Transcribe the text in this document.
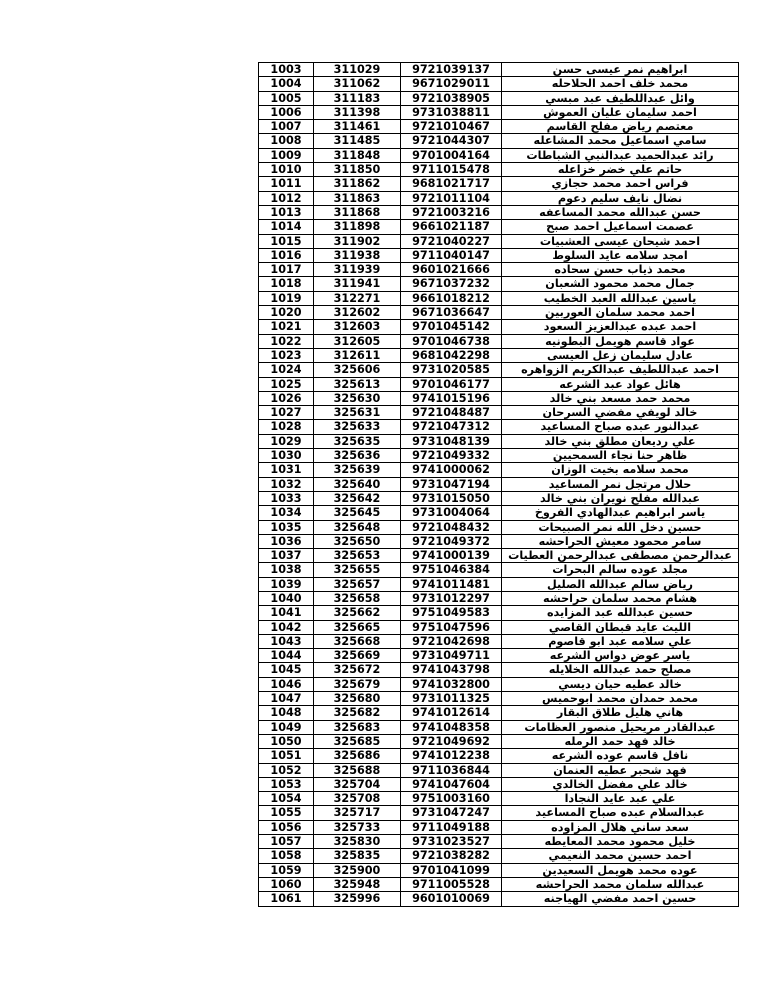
ابراهيم نمر عيسى حسن	9721039137	311029	1003
محمد خلف احمد الحلاحله	9671029011	311062	1004
وائل عبداللطيف عبد مبسي	9721038905	311183	1005
احمد سليمان عليان العموش	9731038811	311398	1006
معتصم رياض مفلح القاسم	9721010467	311461	1007
سامي اسماعيل محمد المشاعله	9721044307	311485	1008
رائد عبدالحميد عبدالنبي الشباطات	9701004164	311848	1009
حاتم علي خضر خزاعله	9711015478	311850	1010
فراس احمد محمد حجازي	9681021717	311862	1011
نضال نايف سليم دعوم	9721011104	311863	1012
حسن عبدالله محمد المساعفه	9721003216	311868	1013
عصمت اسماعيل احمد صبح	9661021187	311898	1014
احمد شيحان عيسى العشبيات	9721040227	311902	1015
امجد سلامه عايد السلوط	9711040147	311938	1016
محمد ذياب حسن سحاده	9601021666	311939	1017
جمال محمد محمود الشعبان	9671037232	311941	1018
ياسين عبدالله العبد الخطيب	9661018212	312271	1019
احمد محمد سلمان العوربين	9671036647	312602	1020
احمد عبده عبدالعزيز السعود	9701045142	312603	1021
عواد قاسم هويمل البطونيه	9701046738	312605	1022
عادل سليمان زعل العيسى	9681042298	312611	1023
احمد عبداللطيف عبدالكريم الزواهره	9731020585	325606	1024
هائل عواد عبد الشرعه	9701046177	325613	1025
محمد حمد مسعد بني خالد	9741015196	325630	1026
خالد لويفي مفضي السرحان	9721048487	325631	1027
عبدالنور عبده صباح المساعيد	9721047312	325633	1028
علي رديعان مطلق بني خالد	9731048139	325635	1029
ظاهر حنا نجاء السمحيين	9721049332	325636	1030
محمد سلامه بخيت الوزان	9741000062	325639	1031
حلال مرتجل نمر المساعيد	9731047194	325640	1032
عبدالله مفلح نويران بني خالد	9731015050	325642	1033
ياسر ابراهيم عبدالهادي الفروخ	9731004064	325645	1034
حسين دخل الله نمر الصبيحات	9721048432	325648	1035
سامر محمود معيش الحراحشه	9721049372	325650	1036
عبدالرحمن مصطفى عبدالرحمن العطيات	9741000139	325653	1037
مجلد عوده سالم البحرات	9751046384	325655	1038
رياض سالم عبدالله الصليل	9741011481	325657	1039
هشام محمد سلمان حراحشه	9731012297	325658	1040
حسين عبدالله عبد المزايده	9751049583	325662	1041
الليث عايد قبطان القاصي	9751047596	325665	1042
علي سلامه عبد ابو قاصوم	9721042698	325668	1043
ياسر عوض دواس الشرعه	9731049711	325669	1044
مصلح حمد عبدالله الخلايله	9741043798	325672	1045
خالد عطيه حيان ديسي	9741032800	325679	1046
محمد حمدان محمد ابوحميس	9731011325	325680	1047
هاني هليل طلاق البقار	9741012614	325682	1048
عبدالقادر مريحيل منصور العظامات	9741048358	325683	1049
خالد فهد حمد الرمله	9721049692	325685	1050
نافل قاسم عوده الشرعه	9741012238	325686	1051
فهد شحبر عطيه العنمان	9711036844	325688	1052
خالد علي مفضل الخالدي	9741047604	325704	1053
علي عبد عايد النجادا	9751003160	325708	1054
عبدالسلام عبده صباح المساعيد	9731047247	325717	1055
سعد ساني هلال المزاوده	9711049188	325733	1056
خليل محمود محمد المعايطه	9731023527	325830	1057
احمد حسين محمد النعيمي	9721038282	325835	1058
عوده محمد هويمل السعيدين	9701041099	325900	1059
عبدالله سلمان محمد الحراحشه	9711005528	325948	1060
حسين احمد مفضي الهياجنه	9601010069	325996	1061
